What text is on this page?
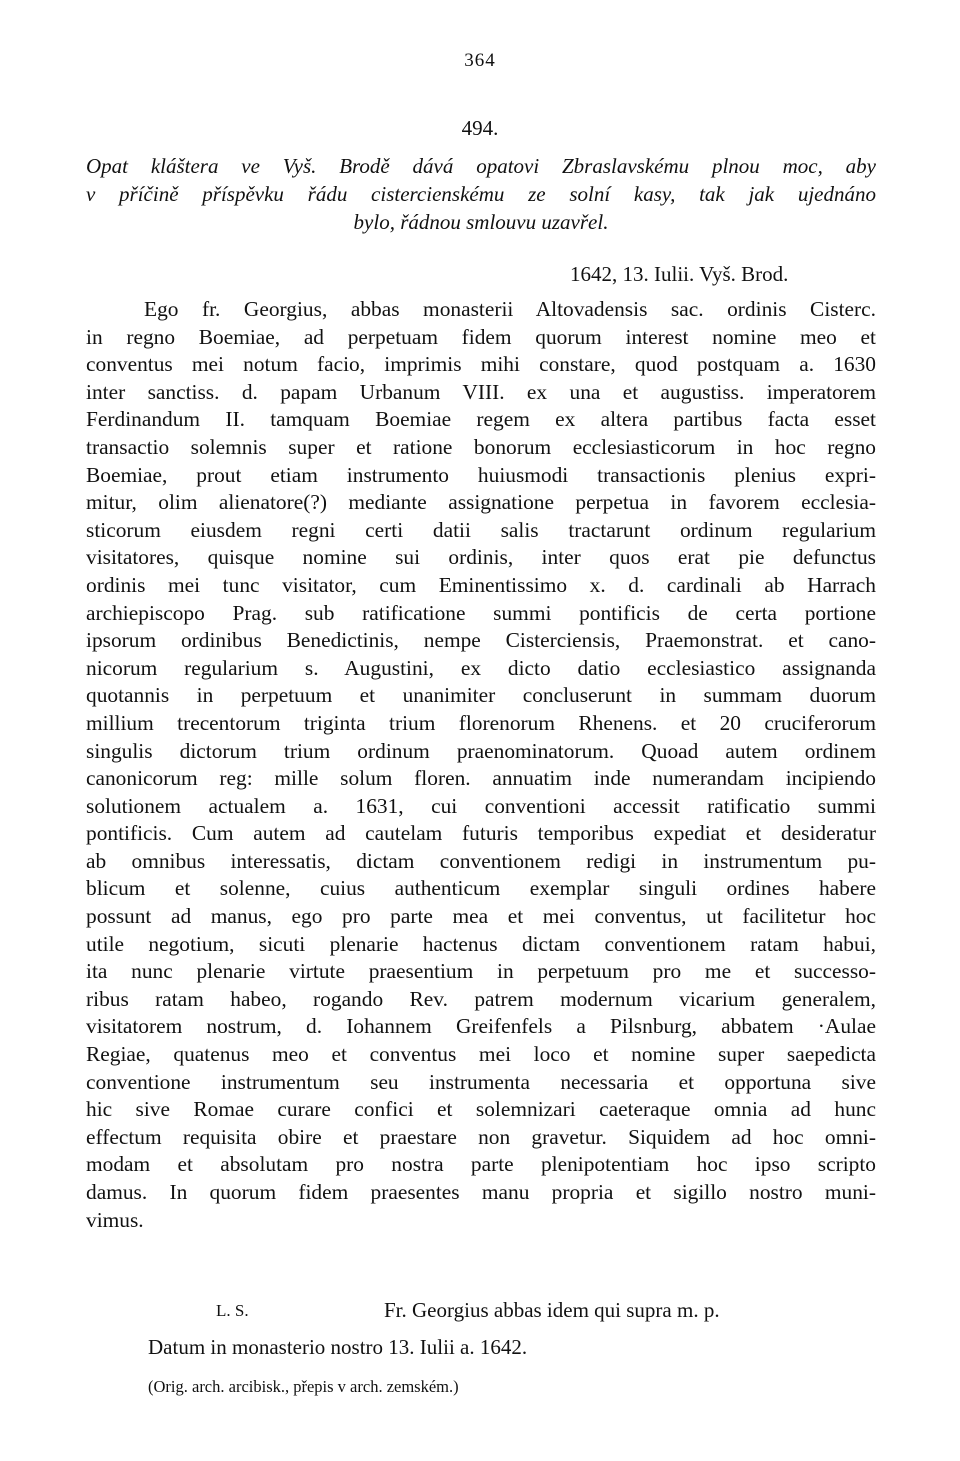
364
494.
Opat kláštera ve Vyš. Brodě dává opatovi Zbraslavskému plnou moc, aby
v příčině příspěvku řádu cistercienskému ze solní kasy, tak jak ujednáno
bylo, řádnou smlouvu uzavřel.
1642, 13. Iulii. Vyš. Brod.
Ego fr. Georgius, abbas monasterii Altovadensis sac. ordinis Cisterc.
in regno Boemiae, ad perpetuam fidem quorum interest nomine meo et
conventus mei notum facio, imprimis mihi constare, quod postquam a. 1630
inter sanctiss. d. papam Urbanum VIII. ex una et augustiss. imperatorem
Ferdinandum II. tamquam Boemiae regem ex altera partibus facta esset
transactio solemnis super et ratione bonorum ecclesiasticorum in hoc regno
Boemiae, prout etiam instrumento huiusmodi transactionis plenius expri-
mitur, olim alienatore(?) mediante assignatione perpetua in favorem ecclesia-
sticorum eiusdem regni certi datii salis tractarunt ordinum regularium
visitatores, quisque nomine sui ordinis, inter quos erat pie defunctus
ordinis mei tunc visitator, cum Eminentissimo x. d. cardinali ab Harrach
archiepiscopo Prag. sub ratificatione summi pontificis de certa portione
ipsorum ordinibus Benedictinis, nempe Cisterciensis, Praemonstrat. et cano-
nicorum regularium s. Augustini, ex dicto datio ecclesiastico assignanda
quotannis in perpetuum et unanimiter concluserunt in summam duorum
millium trecentorum triginta trium florenorum Rhenens. et 20 cruciferorum
singulis dictorum trium ordinum praenominatorum. Quoad autem ordinem
canonicorum reg: mille solum floren. annuatim inde numerandam incipiendo
solutionem actualem a. 1631, cui conventioni accessit ratificatio summi
pontificis. Cum autem ad cautelam futuris temporibus expediat et desideratur
ab omnibus interessatis, dictam conventionem redigi in instrumentum pu-
blicum et solenne, cuius authenticum exemplar singuli ordines habere
possunt ad manus, ego pro parte mea et mei conventus, ut facilitetur hoc
utile negotium, sicuti plenarie hactenus dictam conventionem ratam habui,
ita nunc plenarie virtute praesentium in perpetuum pro me et successo-
ribus ratam habeo, rogando Rev. patrem modernum vicarium generalem,
visitatorem nostrum, d. Iohannem Greifenfels a Pilsnburg, abbatem ·Aulae
Regiae, quatenus meo et conventus mei loco et nomine super saepedicta
conventione instrumentum seu instrumenta necessaria et opportuna sive
hic sive Romae curare confici et solemnizari caeteraque omnia ad hunc
effectum requisita obire et praestare non gravetur. Siquidem ad hoc omni-
modam et absolutam pro nostra parte plenipotentiam hoc ipso scripto
damus. In quorum fidem praesentes manu propria et sigillo nostro muni-
vimus.
L. S.	Fr. Georgius abbas idem qui supra m. p.
Datum in monasterio nostro 13. Iulii a. 1642.
(Orig. arch. arcibisk., přepis v arch. zemském.)
